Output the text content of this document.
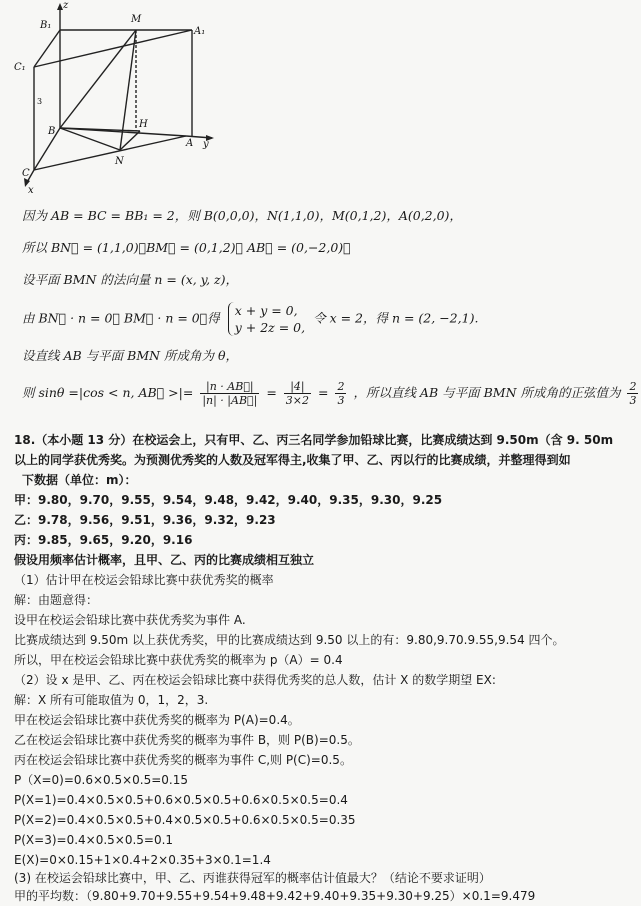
z
B₁
M
A₁
C₁
3
B
H
A y
N
C
x
因为 AB = BC = BB₁ = 2，则 B(0,0,0)，N(1,1,0)，M(0,1,2)，A(0,2,0)，
所以 BN⃗ = (1,1,0)，BM⃗ = (0,1,2)， AB⃗ = (0,−2,0)，
设平面 BMN 的法向量 n = (x, y, z)，
由 BN⃗ · n = 0， BM⃗ · n = 0，得 x + y = 0,
y + 2z = 0,
令 x = 2，得 n = (2, −2,1).
设直线 AB 与平面 BMN 所成角为 θ，
则 sinθ =|cos < n, AB⃗ >|= $\frac{|n \cdot AB⃗|}{|n| \cdot |AB⃗|} = \frac{|4|}{3\times 2} = \frac{2}{3}$ ，所以直线 AB 与平面 BMN 所成角的正弦值为 $\frac{2}{3}$
18.（本小题 13 分）在校运会上，只有甲、乙、丙三名同学参加铅球比赛，比赛成绩达到 9.50m（含 9. 50m
以上的同学获优秀奖。为预测优秀奖的人数及冠军得主,收集了甲、乙、丙以行的比赛成绩，并整理得到如
下数据（单位：m）：
甲：9.80，9.70，9.55，9.54，9.48，9.42，9.40，9.35，9.30，9.25
乙：9.78，9.56，9.51，9.36，9.32，9.23
丙：9.85，9.65，9.20，9.16
假设用频率估计概率，且甲、乙、丙的比赛成绩相互独立
（1）估计甲在校运会铅球比赛中获优秀奖的概率
解：由题意得：
设甲在校运会铅球比赛中获优秀奖为事件 A.
比赛成绩达到 9.50m 以上获优秀奖，甲的比赛成绩达到 9.50 以上的有：9.80,9.70.9.55,9.54 四个。
所以，甲在校运会铅球比赛中获优秀奖的概率为 p（A）= 0.4
（2）设 x 是甲、乙、丙在校运会铅球比赛中获得优秀奖的总人数，估计 X 的数学期望 EX:
解：X 所有可能取值为 0，1，2，3.
甲在校运会铅球比赛中获优秀奖的概率为 P(A)=0.4。
乙在校运会铅球比赛中获优秀奖的概率为事件 B，则 P(B)=0.5。
丙在校运会铅球比赛中获优秀奖的概率为事件 C,则 P(C)=0.5。
P（X=0)=0.6×0.5×0.5=0.15
P(X=1)=0.4×0.5×0.5+0.6×0.5×0.5+0.6×0.5×0.5=0.4
P(X=2)=0.4×0.5×0.5+0.4×0.5×0.5+0.6×0.5×0.5=0.35
P(X=3)=0.4×0.5×0.5=0.1
E(X)=0×0.15+1×0.4+2×0.35+3×0.1=1.4
(3) 在校运会铅球比赛中，甲、乙、丙谁获得冠军的概率估计值最大？（结论不要求证明）
甲的平均数：（9.80+9.70+9.55+9.54+9.48+9.42+9.40+9.35+9.30+9.25）×0.1=9.479
